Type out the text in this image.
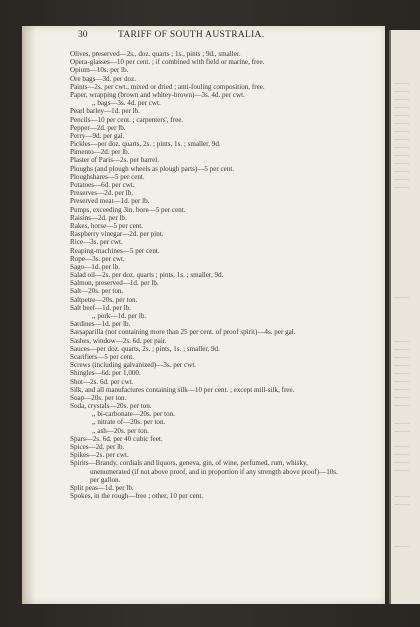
———
———
———
———
———
———
———
———
———
———
———
———
———
———
———
———
———
———
———
———
———
———
———
———
———
———
———
———
———
———
———
———
———
30	TARIFF OF SOUTH AUSTRALIA.
Olives, preserved—2s., doz. quarts ; 1s., pints ; 9d., smaller.
Opera-glasses—10 per cent. ; if combined with field or marine, free.
Opium—10s. per lb.
Ore bags—3d. per doz.
Paints—2s. per cwt., mixed or dried ; anti-fouling composition, free.
Paper, wrapping (brown and whitey-brown)—3s. 4d. per cwt.
,, bags—3s. 4d. per cwt.
Pearl barley—1d. per lb.
Pencils—10 per cent. ; carpenters', free.
Pepper—2d. per lb.
Perry—9d. per gal.
Pickles—per doz. quarts, 2s. ; pints, 1s. ; smaller, 9d.
Pimento—2d. per lb.
Plaster of Paris—2s. per barrel.
Ploughs (and plough wheels as plough parts)—5 per cent.
Ploughshares—5 per cent.
Potatoes—6d. per cwt.
Preserves—2d. per lb.
Preserved meat—1d. per lb.
Pumps, exceeding 3in. bore—5 per cent.
Raisins—2d. per lb.
Rakes, horse—5 per cent.
Raspberry vinegar—2d. per pint.
Rice—3s. per cwt.
Reaping-machines—5 per cent.
Rope—3s. per cwt.
Sago—1d. per lb.
Salad oil—2s. per doz. quarts ; pints, 1s. ; smaller, 9d.
Salmon, preserved—1d. per lb.
Salt—20s. per ton.
Saltpetre—20s. per ton.
Salt beef—1d. per lb.
,, pork—1d. per lb.
Sardines—1d. per lb.
Sarsaparilla (not containing more than 25 per cent. of proof spirit)—4s. per gal.
Sashes, window—2s. 6d. per pair.
Sauces—per doz. quarts, 2s. ; pints, 1s. ; smaller, 9d.
Scarifiers—5 per cent.
Screws (including galvanized)—3s. per cwt.
Shingles—6d. per 1,000.
Shot—2s. 6d. per cwt.
Silk, and all manufactures containing silk—10 per cent. ; except mill-silk, free.
Soap—20s. per ton.
Soda, crystals—20s. per ton.
,, bi-carbonate—20s. per ton.
,, nitrate of—20s. per ton.
,, ash—20s. per ton.
Spars—2s. 6d. per 40 cubic feet.
Spices—2d. per lb.
Spikes—2s. per cwt.
Spirits—Brandy, cordials and liquors, geneva, gin, of wine, perfumed, rum, whisky, unenumerated (if not above proof, and in proportion if any strength above proof)—10s. per gallon.
Split peas—1d. per lb.
Spokes, in the rough—free ; other, 10 per cent.
